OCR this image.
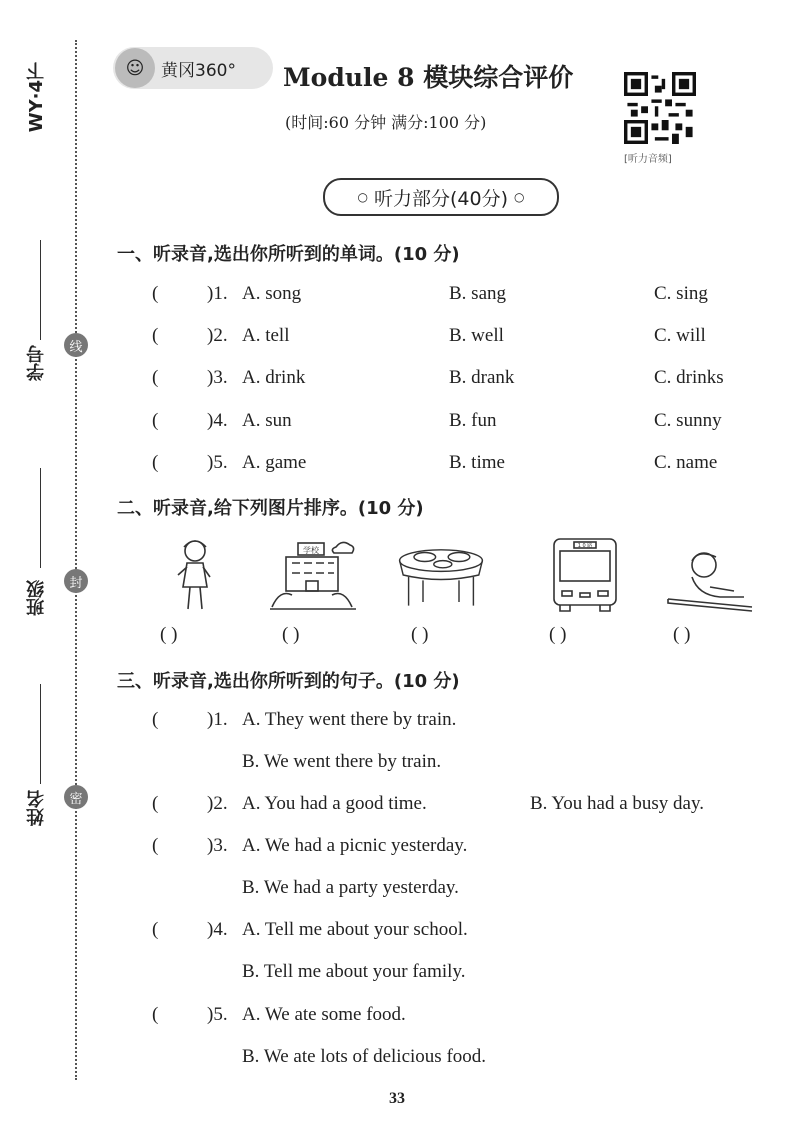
WY·4下
学号	线
班级	封
姓名	密
☺ 黄冈360° Module 8 模块综合评价
(时间:60 分钟 满分:100 分)
[听力音频]
○ 听力部分(40分) ○
一、听录音,选出你所听到的单词。(10 分)
(	)1. A. song	B. sang	C. sing
(	)2. A. tell	B. well	C. will
(	)3. A. drink	B. drank	C. drinks
(	)4. A. sun	B. fun	C. sunny
(	)5. A. game	B. time	C. name
二、听录音,给下列图片排序。(10 分)
学校	1 0 路
( )	( )	( )	( )	( )
三、听录音,选出你所听到的句子。(10 分)
(	)1. A. They went there by train.
B. We went there by train.
(	)2. A. You had a good time.	B. You had a busy day.
(	)3. A. We had a picnic yesterday.
B. We had a party yesterday.
(	)4. A. Tell me about your school.
B. Tell me about your family.
(	)5. A. We ate some food.
B. We ate lots of delicious food.
33
